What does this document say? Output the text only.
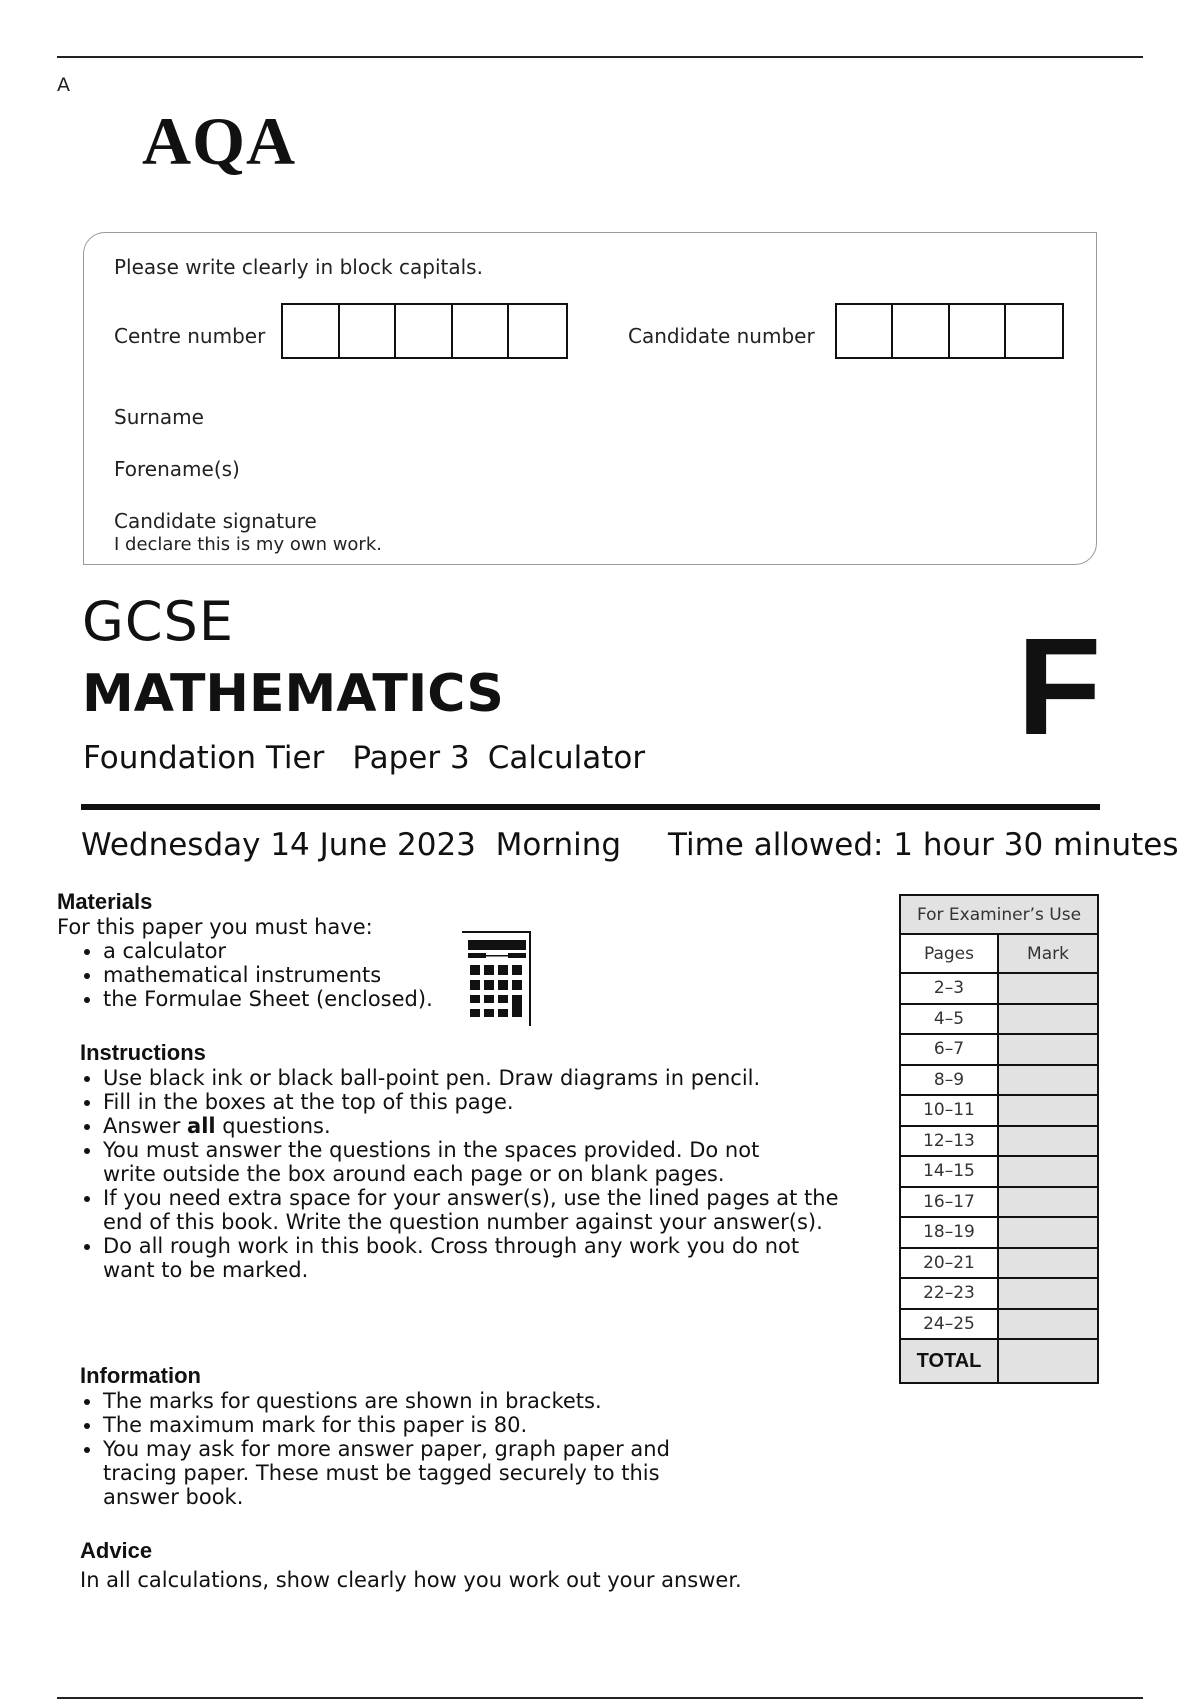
A
AQA
Please write clearly in block capitals.
Centre number	Candidate number
Surname
Forename(s)
Candidate signature
I declare this is my own work.
GCSE
MATHEMATICS
Foundation Tier Paper 3 Calculator	F
Wednesday 14 June 2023 Morning Time allowed: 1 hour 30 minutes
Materials

For this paper you must have:

• a calculator
• mathematical instruments
• the Formulae Sheet (enclosed).
Instructions
• Use black ink or black ball-point pen. Draw diagrams in pencil.
• Fill in the boxes at the top of this page.
• Answer all questions.
• You must answer the questions in the spaces provided. Do not write outside the box around each page or on blank pages.
• If you need extra space for your answer(s), use the lined pages at the end of this book. Write the question number against your answer(s).
• Do all rough work in this book. Cross through any work you do not want to be marked.
Information
• The marks for questions are shown in brackets.
• The maximum mark for this paper is 80.
• You may ask for more answer paper, graph paper and tracing paper. These must be tagged securely to this answer book.
Advice

In all calculations, show clearly how you work out your answer.

For Examiner’s Use	
Pages	Mark
2–3	
4–5	
6–7	
8–9	
10–11	
12–13	
14–15	
16–17	
18–19	
20–21	
22–23	
24–25	
TOTAL	
